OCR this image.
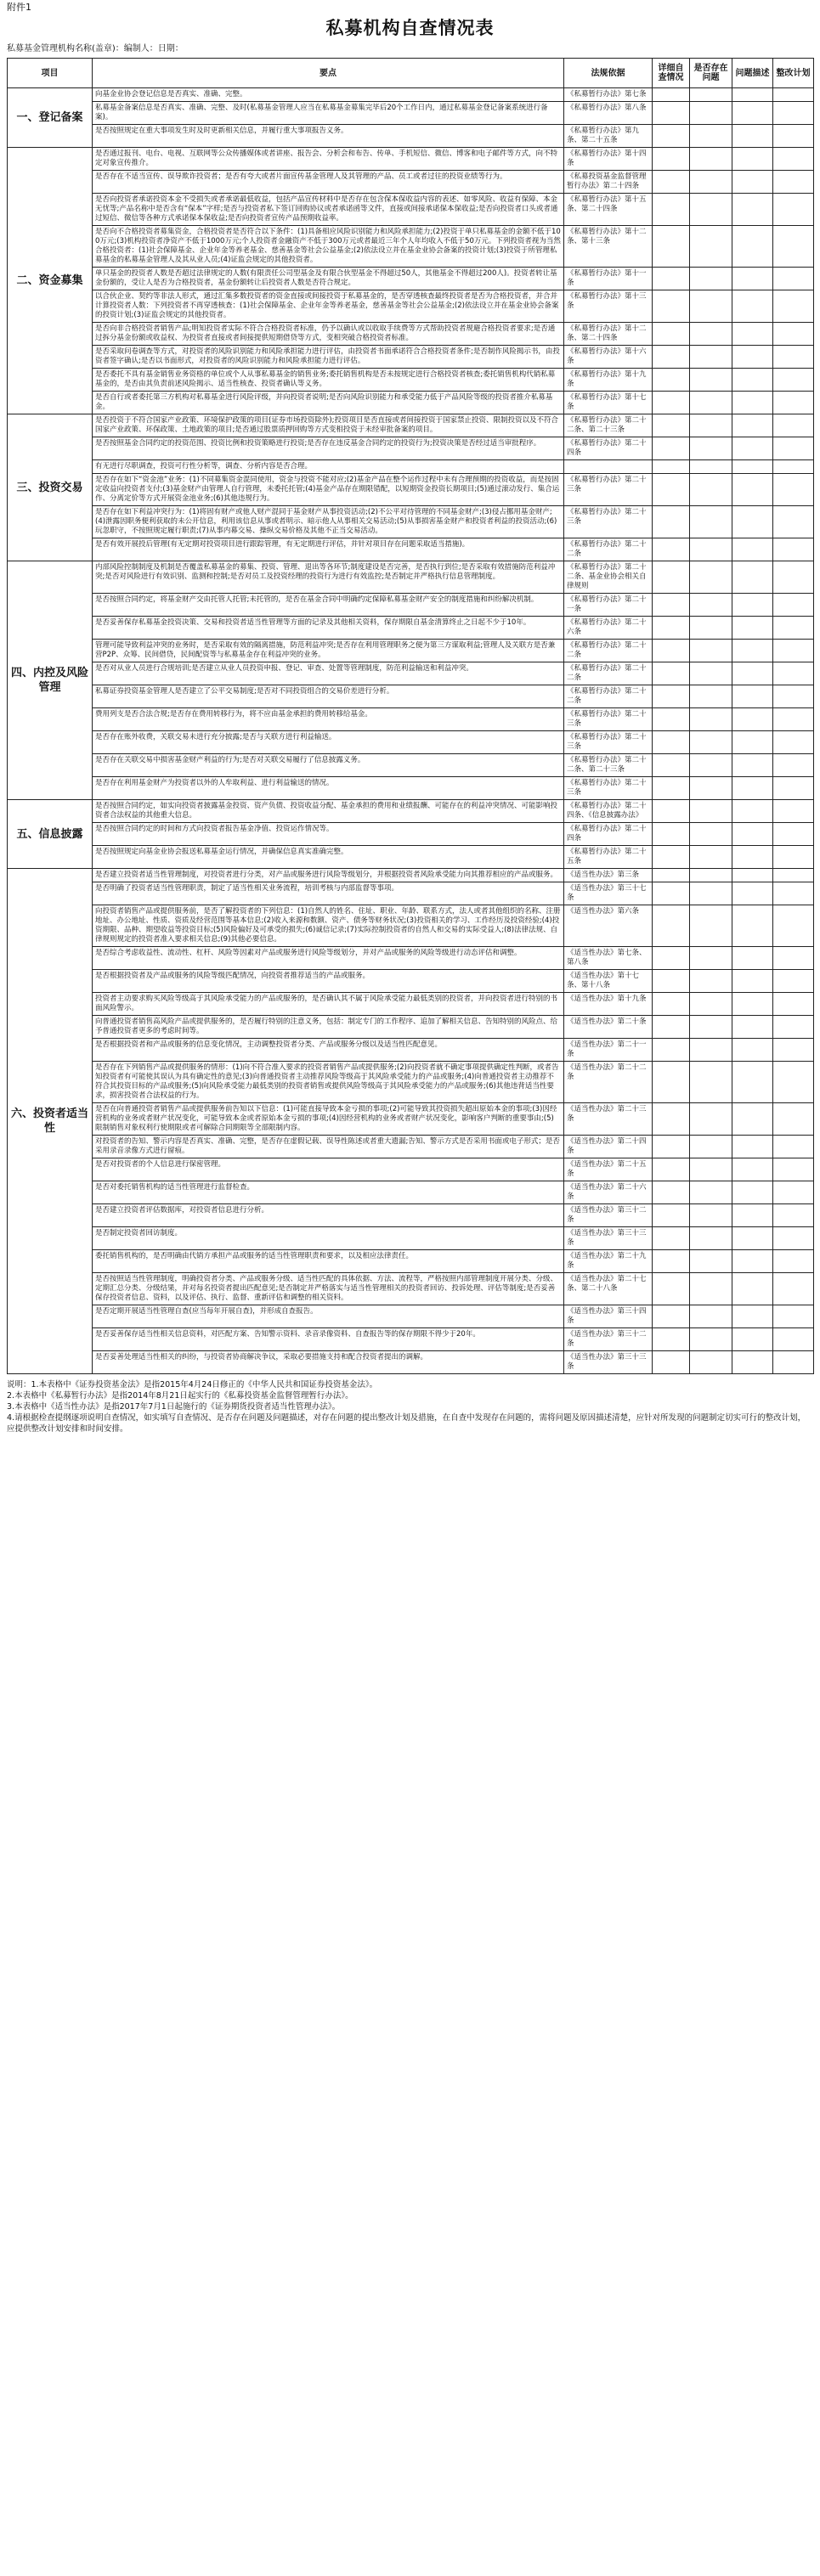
附件1
私募机构自查情况表
私募基金管理机构名称(盖章)：编制人：日期：
项目	要点	法规依据	详细自查情况	是否存在问题	问题描述	整改计划
一、登记备案	向基金业协会登记信息是否真实、准确、完整。	《私募暂行办法》第七条				
	私募基金备案信息是否真实、准确、完整、及时(私募基金管理人应当在私募基金募集完毕后20个工作日内，通过私募基金登记备案系统进行备案)。	《私募暂行办法》第八条				
	是否按照规定在重大事项发生时及时更新相关信息，并履行重大事项报告义务。	《私募暂行办法》第九条、第二十五条				
二、资金募集	是否通过报刊、电台、电视、互联网等公众传播媒体或者讲座、报告会、分析会和布告、传单、手机短信、微信、博客和电子邮件等方式，向不特定对象宣传推介。	《私募暂行办法》第十四条				
	是否存在不适当宣传、误导欺诈投资者；是否有夸大或者片面宣传基金管理人及其管理的产品、员工或者过往的投资业绩等行为。	《私募投资基金监督管理暂行办法》第二十四条				
	是否向投资者承诺投资本金不受损失或者承诺最低收益，包括产品宣传材料中是否存在包含保本保收益内容的表述、如零风险、收益有保障、本金无忧等;产品名称中是否含有“保本”字样;是否与投资者私下签订回购协议或者承诺函等文件，直接或间接承诺保本保收益;是否向投资者口头或者通过短信、微信等各种方式承诺保本保收益;是否向投资者宣传产品预期收益率。	《私募暂行办法》第十五条、第二十四条				
	是否向不合格投资者募集资金，合格投资者是否符合以下条件：(1)具备相应风险识别能力和风险承担能力;(2)投资于单只私募基金的金额不低于100万元;(3)机构投资者净资产不低于1000万元;个人投资者金融资产不低于300万元或者最近三年个人年均收入不低于50万元。下列投资者视为当然合格投资者：(1)社会保障基金、企业年金等养老基金、慈善基金等社会公益基金;(2)依法设立并在基金业协会备案的投资计划;(3)投资于所管理私募基金的私募基金管理人及其从业人员;(4)证监会规定的其他投资者。	《私募暂行办法》第十二条、第十三条				
	单只基金的投资者人数是否超过法律规定的人数(有限责任公司型基金及有限合伙型基金不得超过50人，其他基金不得超过200人)。投资者转让基金份额的，受让人是否为合格投资者，基金份额转让后投资者人数是否符合规定。	《私募暂行办法》第十一条				
	以合伙企业、契约等非法人形式，通过汇集多数投资者的资金直接或间接投资于私募基金的，是否穿透核查最终投资者是否为合格投资者，并合并计算投资者人数：下列投资者不再穿透核查：(1)社会保障基金、企业年金等养老基金，慈善基金等社会公益基金;(2)依法设立并在基金业协会备案的投资计划;(3)证监会规定的其他投资者。	《私募暂行办法》第十三条				
	是否向非合格投资者销售产品;明知投资者实际不符合合格投资者标准，仍予以确认或以收取手续费等方式帮助投资者规避合格投资者要求;是否通过拆分基金份额或收益权、为投资者直接或者间接提供短期借贷等方式，变相突破合格投资者标准。	《私募暂行办法》第十二条、第二十四条				
	是否采取问卷调查等方式，对投资者的风险识别能力和风险承担能力进行评估，由投资者书面承诺符合合格投资者条件;是否制作风险揭示书，由投资者签字确认;是否以书面形式，对投资者的风险识别能力和风险承担能力进行评估。	《私募暂行办法》第十六条				
	是否委托不具有基金销售业务资格的单位或个人从事私募基金的销售业务;委托销售机构是否未按规定进行合格投资者核查;委托销售机构代销私募基金的，是否由其负责前述风险揭示、适当性核查、投资者确认等义务。	《私募暂行办法》第十九条				
	是否自行或者委托第三方机构对私募基金进行风险评级，并向投资者说明;是否向风险识别能力和承受能力低于产品风险等级的投资者推介私募基金。	《私募暂行办法》第十七条				
三、投资交易	是否投资于不符合国家产业政策、环境保护政策的项目(证券市场投资除外);投资项目是否直接或者间接投资于国家禁止投资、限制投资以及不符合国家产业政策、环保政策、土地政策的项目;是否通过股票质押回购等方式变相投资于未经审批备案的项目。	《私募暂行办法》第二十二条、第二十三条				
	是否按照基金合同约定的投资范围、投资比例和投资策略进行投资;是否存在违反基金合同约定的投资行为;投资决策是否经过适当审批程序。	《私募暂行办法》第二十四条				
	有无进行尽职调查，投资可行性分析等，调查、分析内容是否合理。					
	是否存在如下“资金池”业务：(1)不同募集资金混同使用，资金与投资不能对应;(2)基金产品在整个运作过程中未有合理预期的投资收益，而是按固定收益向投资者支付;(3)基金财产由管理人自行管理，未委托托管;(4)基金产品存在期限错配，以短期资金投资长期项目;(5)通过滚动发行、集合运作、分离定价等方式开展资金池业务;(6)其他违规行为。	《私募暂行办法》第二十三条				
	是否存在如下利益冲突行为：(1)将固有财产或他人财产混同于基金财产从事投资活动;(2)不公平对待管理的不同基金财产;(3)侵占挪用基金财产;(4)泄露因职务便利获取的未公开信息，利用该信息从事或者明示、暗示他人从事相关交易活动;(5)从事损害基金财产和投资者利益的投资活动;(6)玩忽职守，不按照规定履行职责;(7)从事内幕交易、操纵交易价格及其他不正当交易活动。	《私募暂行办法》第二十三条				
	是否有效开展投后管理(有无定期对投资项目进行跟踪管理，有无定期进行评估，并针对项目存在问题采取适当措施)。	《私募暂行办法》第二十二条				
四、内控及风险管理	内部风险控制制度及机制是否覆盖私募基金的募集、投资、管理、退出等各环节;制度建设是否完善，是否执行到位;是否采取有效措施防范利益冲突;是否对风险进行有效识别、监测和控制;是否对员工及投资经理的投资行为进行有效监控;是否制定并严格执行信息管理制度。	《私募暂行办法》第二十二条、基金业协会相关自律规则				
	是否按照合同约定，将基金财产交由托管人托管;未托管的，是否在基金合同中明确约定保障私募基金财产安全的制度措施和纠纷解决机制。	《私募暂行办法》第二十一条				
	是否妥善保存私募基金投资决策、交易和投资者适当性管理等方面的记录及其他相关资料，保存期限自基金清算终止之日起不少于10年。	《私募暂行办法》第二十六条				
	管理可能导致利益冲突的业务时，是否采取有效的隔离措施，防范利益冲突;是否存在利用管理职务之便为第三方谋取利益;管理人及关联方是否兼营P2P、众筹、民间借贷，民间配资等与私募基金存在利益冲突的业务。	《私募暂行办法》第二十二条				
	是否对从业人员进行合规培训;是否建立从业人员投资申报、登记、审查、处置等管理制度，防范利益输送和利益冲突。	《私募暂行办法》第二十二条				
	私募证券投资基金管理人是否建立了公平交易制度;是否对不同投资组合的交易价差进行分析。	《私募暂行办法》第二十二条				
	费用列支是否合法合规;是否存在费用转移行为，将不应由基金承担的费用转移给基金。	《私募暂行办法》第二十三条				
	是否存在账外收费，关联交易未进行充分披露;是否与关联方进行利益输送。	《私募暂行办法》第二十三条				
	是否存在关联交易中损害基金财产利益的行为;是否对关联交易履行了信息披露义务。	《私募暂行办法》第二十二条、第二十三条				
	是否存在利用基金财产为投资者以外的人牟取利益、进行利益输送的情况。	《私募暂行办法》第二十三条				
五、信息披露	是否按照合同约定，如实向投资者披露基金投资、资产负债、投资收益分配、基金承担的费用和业绩报酬、可能存在的利益冲突情况、可能影响投资者合法权益的其他重大信息。	《私募暂行办法》第二十四条、《信息披露办法》				
	是否按照合同约定的时间和方式向投资者报告基金净值、投资运作情况等。	《私募暂行办法》第二十四条				
	是否按照规定向基金业协会报送私募基金运行情况，并确保信息真实准确完整。	《私募暂行办法》第二十五条				
六、投资者适当性	是否建立投资者适当性管理制度，对投资者进行分类，对产品或服务进行风险等级划分，并根据投资者风险承受能力向其推荐相应的产品或服务。	《适当性办法》第三条				
	是否明确了投资者适当性管理职责，制定了适当性相关业务流程，培训考核与内部监督等事项。	《适当性办法》第三十七条				
	向投资者销售产品或提供服务前，是否了解投资者的下列信息：(1)自然人的姓名、住址、职业、年龄、联系方式，法人或者其他组织的名称、注册地址、办公地址、性质、资质及经营范围等基本信息;(2)收入来源和数额、资产、债务等财务状况;(3)投资相关的学习、工作经历及投资经验;(4)投资期限、品种、期望收益等投资目标;(5)风险偏好及可承受的损失;(6)诚信记录;(7)实际控制投资者的自然人和交易的实际受益人;(8)法律法规、自律规则规定的投资者准入要求相关信息;(9)其他必要信息。	《适当性办法》第六条				
	是否综合考虑收益性、流动性、杠杆、风险等因素对产品或服务进行风险等级划分，并对产品或服务的风险等级进行动态评估和调整。	《适当性办法》第七条、第八条				
	是否根据投资者及产品或服务的风险等级匹配情况，向投资者推荐适当的产品或服务。	《适当性办法》第十七条、第十八条				
	投资者主动要求购买风险等级高于其风险承受能力的产品或服务的，是否确认其不属于风险承受能力最低类别的投资者，并向投资者进行特别的书面风险警示。	《适当性办法》第十九条				
	向普通投资者销售高风险产品或提供服务的，是否履行特别的注意义务，包括：制定专门的工作程序、追加了解相关信息、告知特别的风险点、给予普通投资者更多的考虑时间等。	《适当性办法》第二十条				
	是否根据投资者和产品或服务的信息变化情况，主动调整投资者分类、产品或服务分级以及适当性匹配意见。	《适当性办法》第二十一条				
	是否存在下列销售产品或提供服务的情形：(1)向不符合准入要求的投资者销售产品或提供服务;(2)向投资者就不确定事项提供确定性判断，或者告知投资者有可能使其误认为具有确定性的意见;(3)向普通投资者主动推荐风险等级高于其风险承受能力的产品或服务;(4)向普通投资者主动推荐不符合其投资目标的产品或服务;(5)向风险承受能力最低类别的投资者销售或提供风险等级高于其风险承受能力的产品或服务;(6)其他违背适当性要求，损害投资者合法权益的行为。	《适当性办法》第二十二条				
	是否在向普通投资者销售产品或提供服务前告知以下信息：(1)可能直接导致本金亏损的事项;(2)可能导致其投资损失超出原始本金的事项;(3)因经营机构的业务或者财产状况变化，可能导致本金或者原始本金亏损的事项;(4)因经营机构的业务或者财产状况变化，影响客户判断的重要事由;(5)限制销售对象权利行使期限或者可解除合同期限等全部限制内容。	《适当性办法》第二十三条				
	对投资者的告知、警示内容是否真实、准确、完整，是否存在虚假记载、误导性陈述或者重大遗漏;告知、警示方式是否采用书面或电子形式；是否采用录音录像方式进行留痕。	《适当性办法》第二十四条				
	是否对投资者的个人信息进行保密管理。	《适当性办法》第二十五条				
	是否对委托销售机构的适当性管理进行监督检查。	《适当性办法》第二十六条				
	是否建立投资者评估数据库，对投资者信息进行分析。	《适当性办法》第三十二条				
	是否制定投资者回访制度。	《适当性办法》第三十三条				
	委托销售机构的，是否明确由代销方承担产品或服务的适当性管理职责和要求，以及相应法律责任。	《适当性办法》第二十九条				
	是否按照适当性管理制度，明确投资者分类、产品或服务分级、适当性匹配的具体依据、方法、流程等，严格按照内部管理制度开展分类、分级、定期汇总分类、分级结果，并对每名投资者提出匹配意见;是否制定并严格落实与适当性管理相关的投资者回访、投诉处理、评估等制度;是否妥善保存投资者信息、资料，以及评估、执行、监督、重新评估和调整的相关资料。	《适当性办法》第二十七条、第二十八条				
	是否定期开展适当性管理自查(应当每年开展自查)，并形成自查报告。	《适当性办法》第三十四条				
	是否妥善保存适当性相关信息资料，对匹配方案、告知警示资料、录音录像资料、自查报告等的保存期限不得少于20年。	《适当性办法》第三十二条				
	是否妥善处理适当性相关的纠纷，与投资者协商解决争议，采取必要措施支持和配合投资者提出的调解。	《适当性办法》第三十三条				
说明：1.本表格中《证券投资基金法》是指2015年4月24日修正的《中华人民共和国证券投资基金法》。
2.本表格中《私募暂行办法》是指2014年8月21日起实行的《私募投资基金监督管理暂行办法》。
3.本表格中《适当性办法》是指2017年7月1日起施行的《证券期货投资者适当性管理办法》。
4.请根据检查提纲逐项说明自查情况，如实填写自查情况、是否存在问题及问题描述，对存在问题的提出整改计划及措施，在自查中发现存在问题的，需将问题及原因描述清楚，应针对所发现的问题制定切实可行的整改计划，应提供整改计划安排和时间安排。
